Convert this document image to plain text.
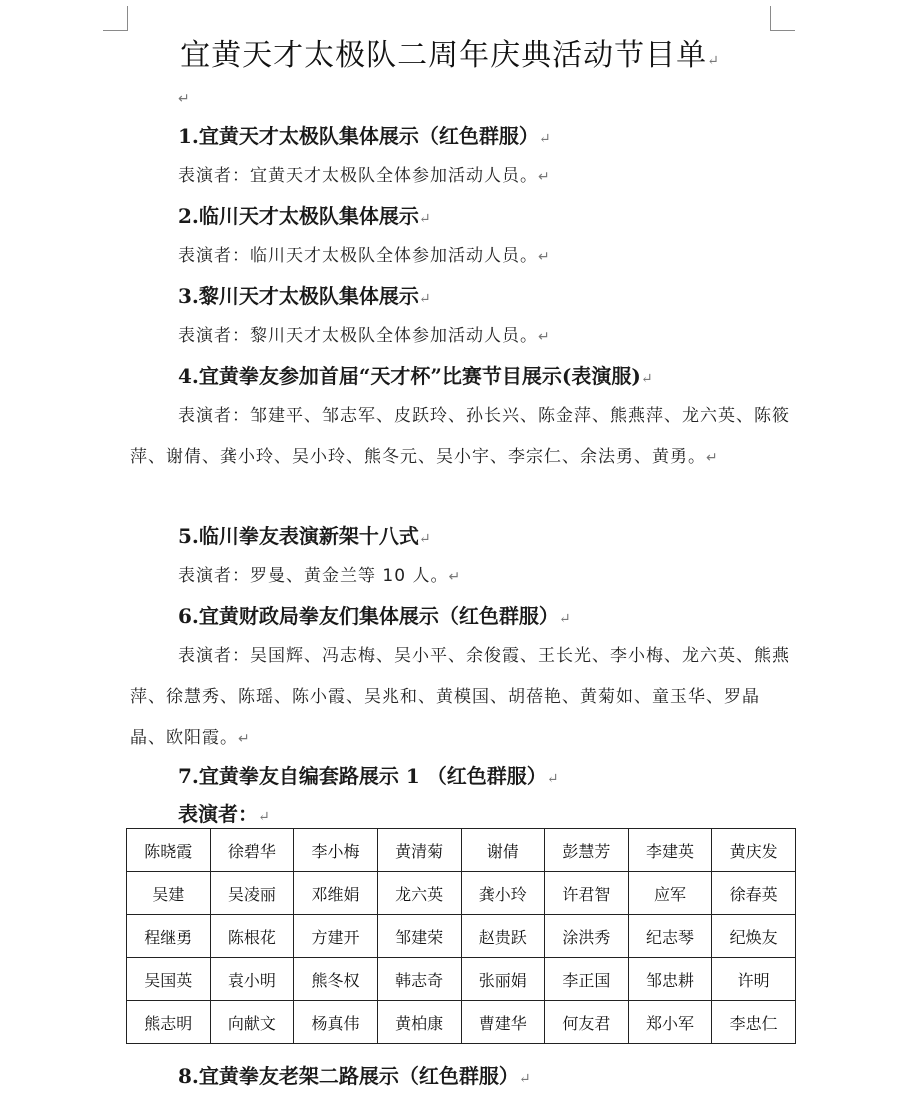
宜黄天才太极队二周年庆典活动节目单↵
↵

1.宜黄天才太极队集体展示（红色群服）↵

表演者：宜黄天才太极队全体参加活动人员。↵

2.临川天才太极队集体展示↵

表演者：临川天才太极队全体参加活动人员。↵

3.黎川天才太极队集体展示↵

表演者：黎川天才太极队全体参加活动人员。↵

4.宜黄拳友参加首届“天才杯”比赛节目展示(表演服)↵

表演者：邹建平、邹志军、皮跃玲、孙长兴、陈金萍、熊燕萍、龙六英、陈筱萍、谢倩、龚小玲、吴小玲、熊冬元、吴小宇、李宗仁、余法勇、黄勇。↵

5.临川拳友表演新架十八式↵

表演者：罗曼、黄金兰等 10 人。↵

6.宜黄财政局拳友们集体展示（红色群服）↵

表演者：吴国辉、冯志梅、吴小平、余俊霞、王长光、李小梅、龙六英、熊燕萍、徐慧秀、陈瑶、陈小霞、吴兆和、黄模国、胡蓓艳、黄菊如、童玉华、罗晶晶、欧阳霞。↵

7.宜黄拳友自编套路展示 1 （红色群服）↵

表演者：↵
陈晓霞	徐碧华	李小梅	黄清菊	谢倩	彭慧芳	李建英	黄庆发
吴建	吴凌丽	邓维娟	龙六英	龚小玲	许君智	应军	徐春英
程继勇	陈根花	方建开	邹建荣	赵贵跃	涂洪秀	纪志琴	纪焕友
吴国英	袁小明	熊冬权	韩志奇	张丽娟	李正国	邹忠耕	许明
熊志明	向献文	杨真伟	黄柏康	曹建华	何友君	郑小军	李忠仁

8.宜黄拳友老架二路展示（红色群服）↵
